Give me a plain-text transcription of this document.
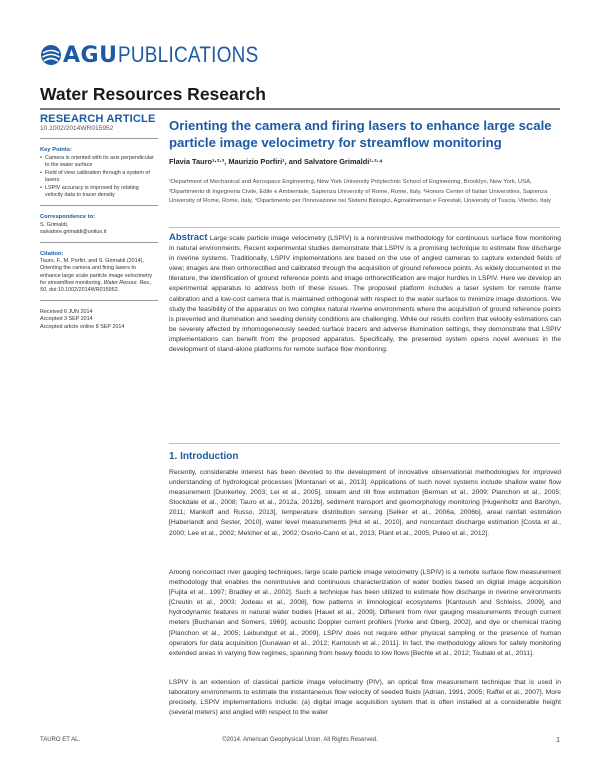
AGU PUBLICATIONS
Water Resources Research
RESEARCH ARTICLE
10.1002/2014WR015952
Key Points:
• Camera is oriented with its axis perpendicular to the water surface
• Field of view calibration through a system of lasers
• LSPIV accuracy is improved by relating velocity data to tracer density
Correspondence to:
S. Grimaldi,
salvatore.grimaldi@unitus.it
Citation:
Tauro, F., M. Porfiri, and S. Grimaldi (2014), Orienting the camera and firing lasers to enhance large scale particle image velocimetry for streamflow monitoring, Water Resour. Res., 50, doi:10.1002/2014WR015952.
Received 6 JUN 2014
Accepted 3 SEP 2014
Accepted article online 8 SEP 2014
Orienting the camera and firing lasers to enhance large scale particle image velocimetry for streamflow monitoring
Flavia Tauro¹·²·³, Maurizio Porfiri¹, and Salvatore Grimaldi¹·³·⁴
¹Department of Mechanical and Aerospace Engineering, New York University Polytechnic School of Engineering, Brooklyn, New York, USA, ²Dipartimento di Ingegneria Civile, Edile e Ambientale, Sapienza University of Rome, Rome, Italy, ³Honors Center of Italian Universities, Sapienza University of Rome, Rome, Italy, ⁴Dipartimento per l'Innovazione nei Sistemi Biologici, Agroalimentari e Forestali, University of Tuscia, Viterbo, Italy
Abstract Large scale particle image velocimetry (LSPIV) is a nonintrusive methodology for continuous surface flow monitoring in natural environments. Recent experimental studies demonstrate that LSPIV is a promising technique to estimate flow discharge in riverine systems. Traditionally, LSPIV implementations are based on the use of angled cameras to capture extended fields of view; images are then orthorectified and calibrated through the acquisition of ground reference points. As widely documented in the literature, the identification of ground reference points and image orthorectification are major hurdles in LSPIV. Here we develop an experimental apparatus to address both of these issues. The proposed platform includes a laser system for remote frame calibration and a low-cost camera that is maintained orthogonal with respect to the water surface to minimize image distortions. We study the feasibility of the apparatus on two complex natural riverine environments where the acquisition of ground reference points is prevented and illumination and seeding density conditions are challenging. While our results confirm that velocity estimations can be severely affected by inhomogeneously seeded surface tracers and adverse illumination settings, they demonstrate that LSPIV implementations can benefit from the proposed apparatus. Specifically, the presented system opens novel avenues in the development of stand-alone platforms for remote surface flow monitoring.
1. Introduction
Recently, considerable interest has been devoted to the development of innovative observational methodologies for improved understanding of hydrological processes [Montanari et al., 2013]. Applications of such novel systems include shallow water flow measurement [Dunkerley, 2003; Lei et al., 2005], stream and rill flow estimation [Berman et al., 2009; Planchon et al., 2005; Stockdale et al., 2008; Tauro et al., 2012a, 2012b], sediment transport and geomorphology monitoring [Hugenholtz and Barchyn, 2011; Mankoff and Russo, 2013], temperature distribution sensing [Selker et al., 2006a, 2006b], areal rainfall estimation [Haberlandt and Sester, 2010], water level measurements [Hut et al., 2010], and noncontact discharge estimation [Costa et al., 2000; Lee et al., 2002; Melcher et al., 2002; Osorio-Cano et al., 2013; Plant et al., 2005; Puleo et al., 2012].
Among noncontact river gauging techniques, large scale particle image velocimetry (LSPIV) is a remote surface flow measurement methodology that enables the nonintrusive and continuous characterization of water bodies based on digital image acquisition [Fujita et al., 1997; Bradley et al., 2002]. Such a technique has been utilized to estimate flow discharge in riverine environments [Creutin et al., 2003; Jodeau et al., 2008], flow patterns in limnological ecosystems [Kantoush and Schleiss, 2009], and hydrodynamic features in natural water bodies [Hauet et al., 2009]. Different from river gauging measurements through current meters [Buchanan and Somers, 1969], acoustic Doppler current profilers [Yorke and Oberg, 2002], and dye or chemical tracing [Planchon et al., 2005; Leibundgut et al., 2009], LSPIV does not require either physical sampling or the presence of human operators for data acquisition [Gunawan et al., 2012; Kantoush et al., 2011]. In fact, the methodology allows for safely monitoring extended areas in varying flow regimes, spanning from heavy floods to low flows [Bechle et al., 2012; Tsubaki et al., 2011].
LSPIV is an extension of classical particle image velocimetry (PIV), an optical flow measurement technique that is used in laboratory environments to estimate the instantaneous flow velocity of seeded fluids [Adrian, 1991, 2005; Raffel et al., 2007]. More precisely, LSPIV implementations include: (a) digital image acquisition system that is often installed at a considerable height (several meters) and angled with respect to the water
TAURO ET AL.	©2014. American Geophysical Union. All Rights Reserved.	1
